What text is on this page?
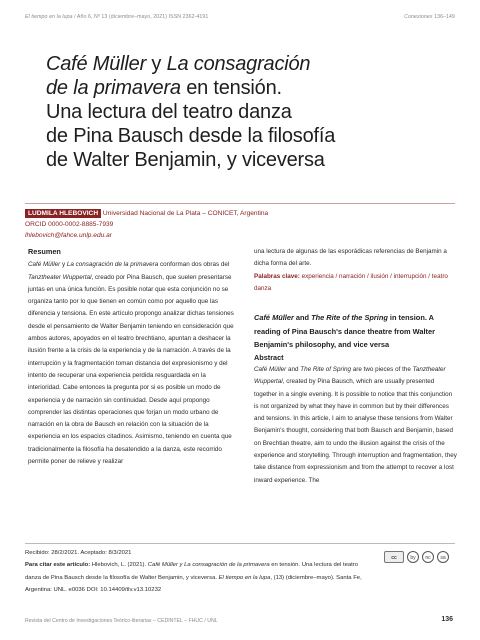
El tiempo en la lupa / Año 6, Nº 13 (diciembre–mayo, 2021) ISSN 2362-4191	Conexiones 136–149
Café Müller y La consagración
de la primavera en tensión.
Una lectura del teatro danza
de Pina Bausch desde la filosofía
de Walter Benjamin, y viceversa
LUDMILA HLEBOVICH Universidad Nacional de La Plata – CONICET, Argentina
ORCID 0000-0002-8885-7939
lhlebovich@fahce.unlp.edu.ar
Resumen

Café Müller y La consagración de la primavera conforman dos obras del Tanztheater Wuppertal, creado por Pina Bausch, que suelen presentarse juntas en una única función. Es posible notar que esta conjunción no se organiza tanto por lo que tienen en común como por aquello que las diferencia y tensiona. En este artículo propongo analizar dichas tensiones desde el pensamiento de Walter Benjamin teniendo en consideración que ambos autores, apoyados en el teatro brechtiano, apuntan a deshacer la ilusión frente a la crisis de la experiencia y de la narración. A través de la interrupción y la fragmentación toman distancia del expresionismo y del intento de recuperar una experiencia perdida resguardada en la interioridad. Cabe entonces la pregunta por si es posible un modo de experiencia y de narración sin continuidad. Desde aquí propongo comprender las distintas operaciones que forjan un modo urbano de narración en la obra de Bausch en relación con la situación de la experiencia en los espacios citadinos. Asimismo, teniendo en cuenta que tradicionalmente la filosofía ha desatendido a la danza, este recorrido permite poner de relieve y realizar

una lectura de algunas de las esporádicas referencias de Benjamin a dicha forma del arte.

Palabras clave: experiencia / narración / ilusión / interrupción / teatro danza

Café Müller and The Rite of the Spring in tension. A reading of Pina Bausch's dance theatre from Walter Benjamin's philosophy, and vice versa
Abstract

Café Müller and The Rite of Spring are two pieces of the Tanztheater Wuppertal, created by Pina Bausch, which are usually presented together in a single evening. It is possible to notice that this conjunction is not organized by what they have in common but by their differences and tensions. In this article, I aim to analyse these tensions from Walter Benjamin's thought, considering that both Bausch and Benjamin, based on Brechtian theatre, aim to undo the illusion against the crisis of the experience and storytelling. Through interruption and fragmentation, they take distance from expressionism and from the attempt to recover a lost inward experience. The

Recibido: 28/2/2021. Aceptado: 8/3/2021
Para citar este artículo: Hlebovich, L. (2021). Café Müller y La consagración de la primavera en tensión. Una lectura del teatro danza de Pina Bausch desde la filosofía de Walter Benjamin, y viceversa. El tiempo en la lupa, (13) (diciembre–mayo). Santa Fe, Argentina: UNL. e0036 DOI: 10.14409/tlv.v13.10232
cc	by	nc	sa
Revista del Centro de Investigaciones Teórico-literarias – CEDINTEL – FHUC / UNL	136
